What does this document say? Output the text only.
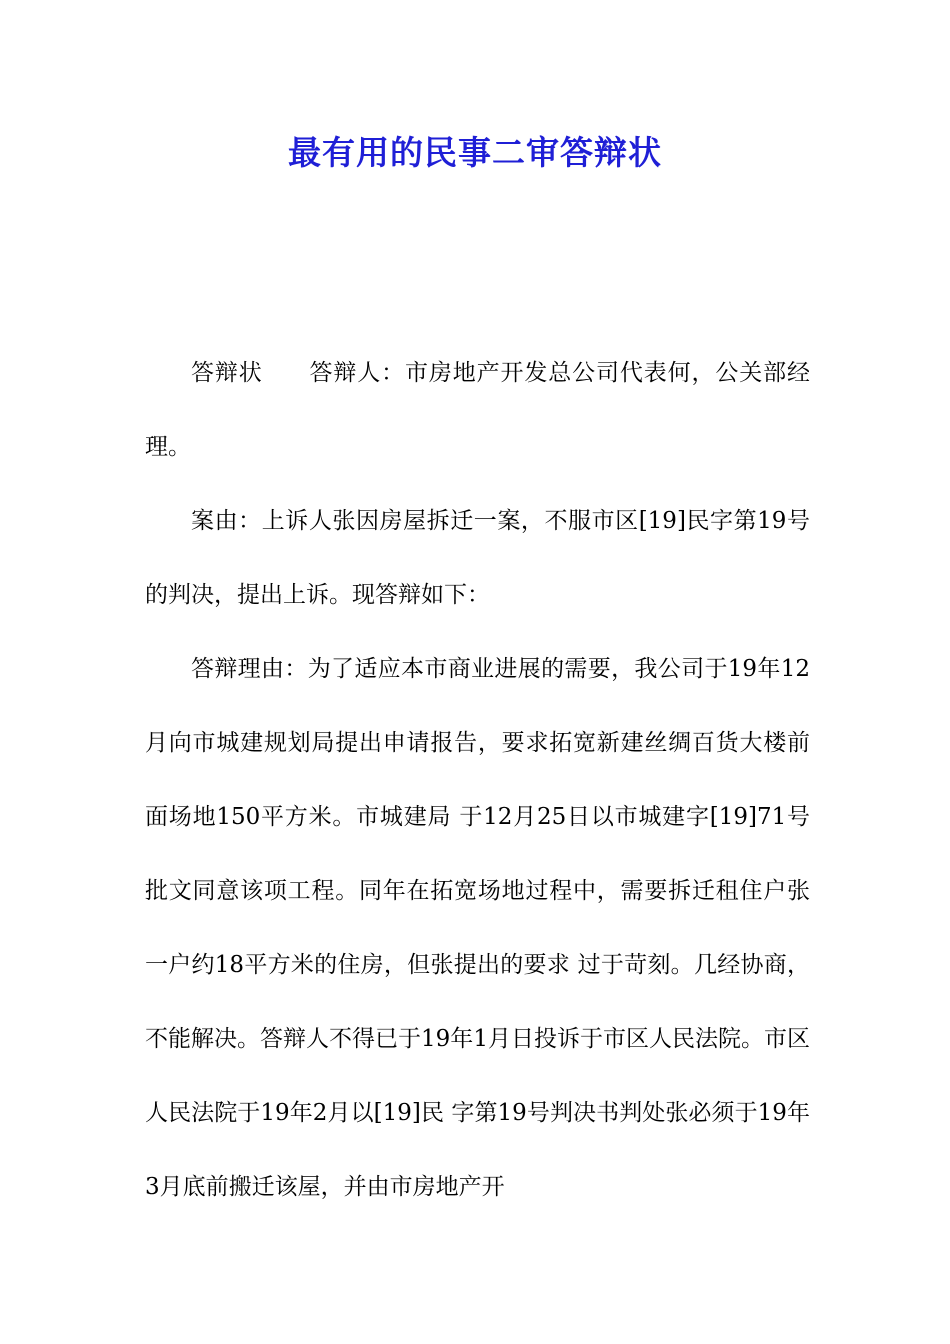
最有用的民事二审答辩状

答辩状 答辩人：市房地产开发总公司代表何，公关部经理。

案由：上诉人张因房屋拆迁一案，不服市区[19]民字第19号的判决，提出上诉。现答辩如下：

答辩理由：为了适应本市商业进展的需要，我公司于19年12月向市城建规划局提出申请报告，要求拓宽新建丝绸百货大楼前面场地150平方米。市城建局 于12月25日以市城建字[19]71号批文同意该项工程。同年在拓宽场地过程中，需要拆迁租住户张一户约18平方米的住房，但张提出的要求 过于苛刻。几经协商，不能解决。答辩人不得已于19年1月日投诉于市区人民法院。市区人民法院于19年2月以[19]民 字第19号判决书判处张必须于19年3月底前搬迁该屋，并由市房地产开
